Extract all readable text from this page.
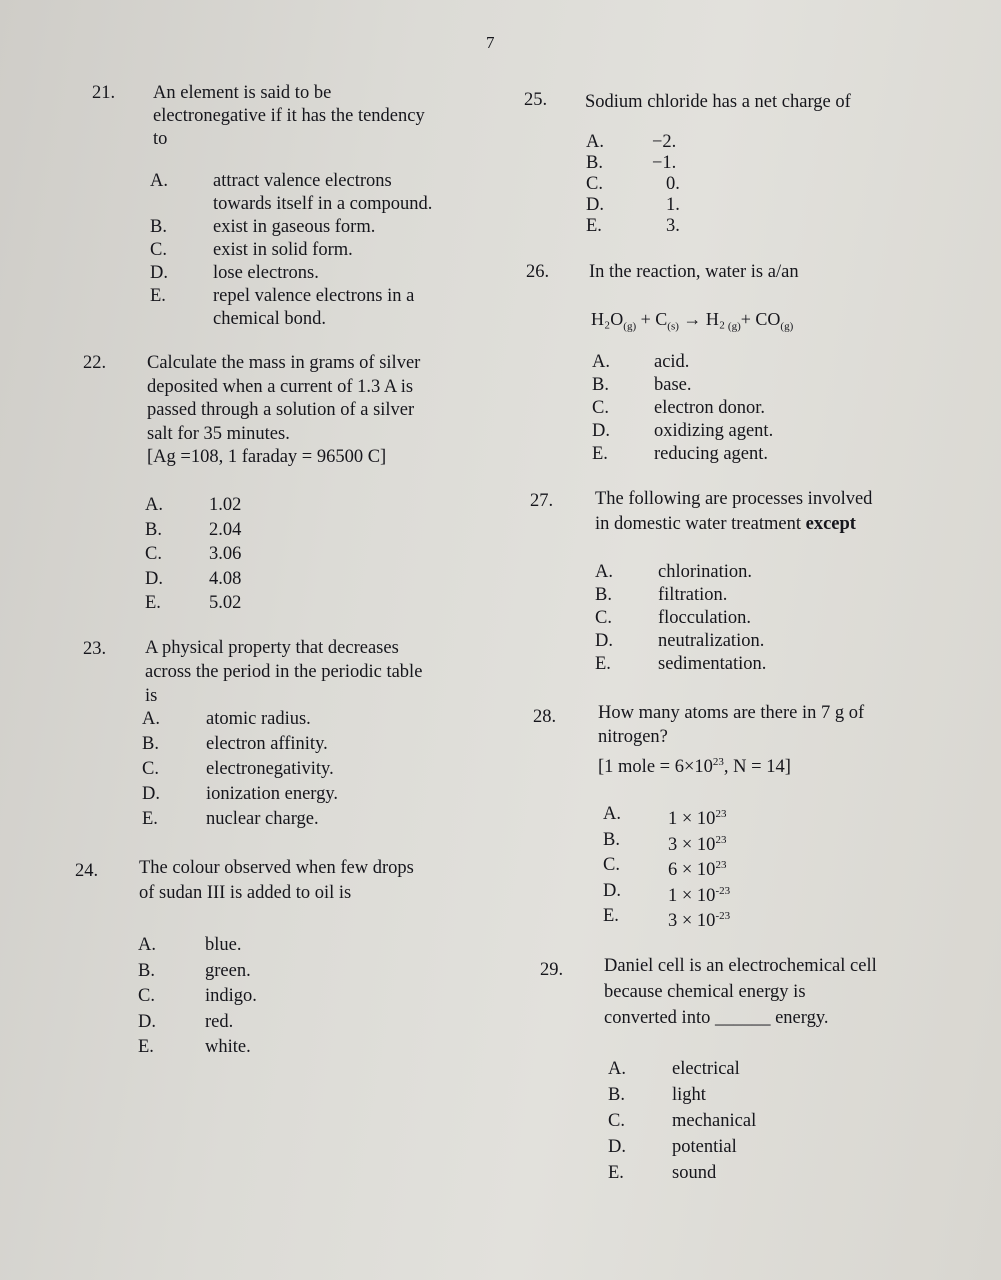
7
21. An element is said to be
electronegative if it has the tendency
to
A. attract valence electrons
towards itself in a compound.
B. exist in gaseous form.
C. exist in solid form.
D. lose electrons.
E.	repel valence electrons in a
chemical bond.
22. Calculate the mass in grams of silver
deposited when a current of 1.3 A is
passed through a solution of a silver
salt for 35 minutes.
[Ag =108, 1 faraday = 96500 C]
A. 1.02
B.	2.04
C.	3.06
D. 4.08
E.	5.02
23. A physical property that decreases
across the period in the periodic table
is
A. atomic radius.
B.	electron affinity.
C.	electronegativity.
D. ionization energy.
E.	nuclear charge.
24. The colour observed when few drops
of sudan III is added to oil is
A.	blue.
B.	green.
C.	indigo.
D.	red.
E.	white.
25. Sodium chloride has a net charge of
A.	−2.
B.	−1.
C.	0.
D.	1.
E.	3.
26. In the reaction, water is a/an
$H_2O_{(g)} + C_{(s)} \to H_2$ $_{(g)}+ CO_{(g)}$
A. acid.
B. base.
C. electron donor.
D. oxidizing agent.
E. reducing agent.
27. The following are processes involved
in domestic water treatment except
A. chlorination.
B. filtration.
C. flocculation.
D. neutralization.
E.	sedimentation.
28. How many atoms are there in 7 g of
nitrogen?
[1 mole = $6\times 10^{23}$, N = 14]
A.	$1 \times 10^{23}$
B.	$3 \times 10^{23}$
C.	$6 \times 10^{23}$
D.	$1 \times 10^{-23}$
E.	$3 \times 10^{-23}$
29. Daniel cell is an electrochemical cell
because chemical energy is
converted into ______ energy.
A. electrical
B.	light
C.	mechanical
D. potential
E.	sound
